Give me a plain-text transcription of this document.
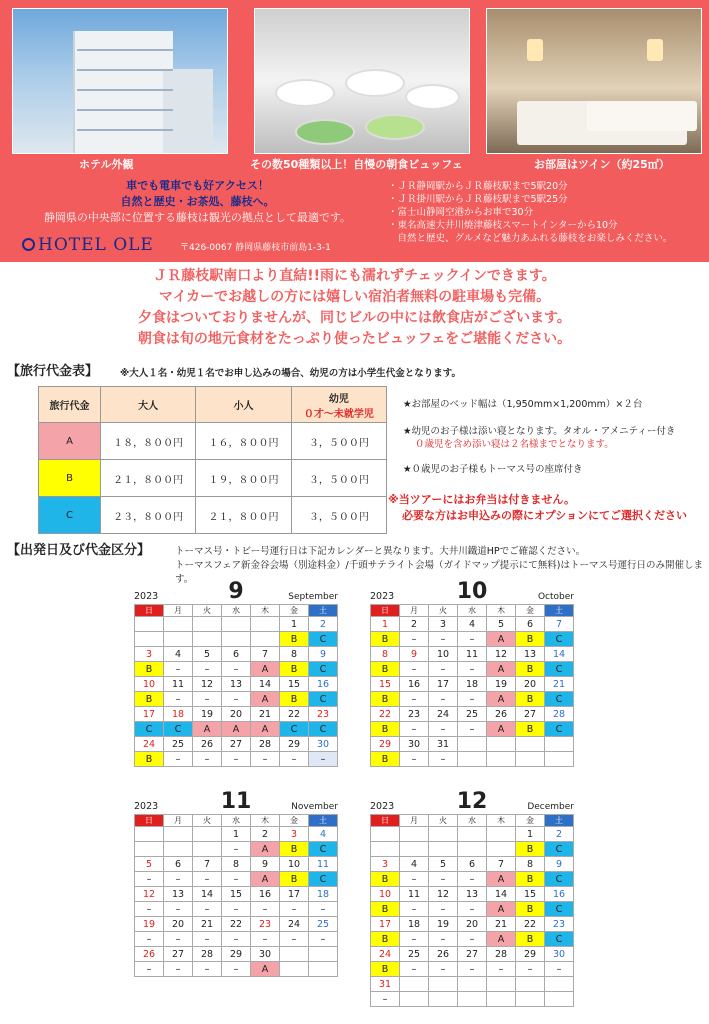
ホテル外観	その数50種類以上！自慢の朝食ビュッフェ	お部屋はツイン（約25㎡）
車でも電車でも好アクセス！
自然と歴史・お茶処、藤枝へ。
静岡県の中央部に位置する藤枝は観光の拠点として最適です。
HOTEL OLE	〒426-0067 静岡県藤枝市前島1-3-1
・ＪＲ静岡駅からＪＲ藤枝駅まで5駅20分
・ＪＲ掛川駅からＪＲ藤枝駅まで5駅25分
・富士山静岡空港からお車で30分
・東名高速大井川焼津藤枝スマートインターから10分
　自然と歴史、グルメなど魅力あふれる藤枝をお楽しみください。
ＪＲ藤枝駅南口より直結!!雨にも濡れずチェックインできます。
マイカーでお越しの方には嬉しい宿泊者無料の駐車場も完備。
夕食はついておりませんが、同じビルの中には飲食店がございます。
朝食は旬の地元食材をたっぷり使ったビュッフェをご堪能ください。
【旅行代金表】 ※大人１名・幼児１名でお申し込みの場合、幼児の方は小学生代金となります。
旅行代金	大人	小人	幼児
０才～未就学児

A	１８，８００円	１６，８００円	３，５００円
B	２１，８００円	１９，８００円	３，５００円
C	２３，８００円	２１，８００円	３，５００円
★お部屋のベッド幅は（1,950mm×1,200mm）×２台
★幼児のお子様は添い寝となります。タオル・アメニティー付き
０歳児を含め添い寝は２名様までとなります。
★０歳児のお子様もトーマス号の座席付き
※当ツアーにはお弁当は付きません。
必要な方はお申込みの際にオプションにてご選択ください
【出発日及び代金区分】	トーマス号・トビー号運行日は下記カレンダーと異なります。大井川鐵道HPでご確認ください。
トーマスフェア新金谷会場（別途料金）/千頭サテライト会場（ガイドマップ提示にて無料)はトーマス号運行日のみ開催します。
2023	9	September
日	月	火	水	木	金	土
					1	2
					B	C
3	4	5	6	7	8	9
B	–	–	–	A	B	C
10	11	12	13	14	15	16
B	–	–	–	A	B	C
17	18	19	20	21	22	23
C	C	A	A	A	C	C
24	25	26	27	28	29	30
B	–	–	–	–	–	–
2023	10	October
日	月	火	水	木	金	土
1	2	3	4	5	6	7
B	–	–	–	A	B	C
8	9	10	11	12	13	14
B	–	–	–	A	B	C
15	16	17	18	19	20	21
B	–	–	–	A	B	C
22	23	24	25	26	27	28
B	–	–	–	A	B	C
29	30	31				
B	–	–				
2023	11	November
日	月	火	水	木	金	土
			1	2	3	4
			–	A	B	C
5	6	7	8	9	10	11
–	–	–	–	A	B	C
12	13	14	15	16	17	18
–	–	–	–	–	–	–
19	20	21	22	23	24	25
–	–	–	–	–	–	–
26	27	28	29	30		
–	–	–	–	A		
2023	12	December
日	月	火	水	木	金	土
					1	2
					B	C
3	4	5	6	7	8	9
B	–	–	–	A	B	C
10	11	12	13	14	15	16
B	–	–	–	A	B	C
17	18	19	20	21	22	23
B	–	–	–	A	B	C
24	25	26	27	28	29	30
B	–	–	–	–	–	–
31						
–						
